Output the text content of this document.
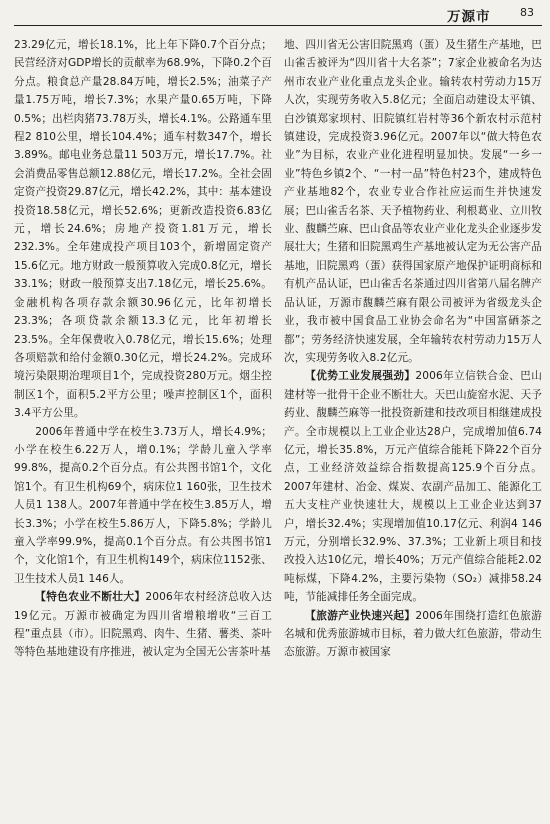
万源市	83

23.29亿元，增长18.1%，比上年下降0.7个百分点；民营经济对GDP增长的贡献率为68.9%，下降0.2个百分点。粮食总产量28.84万吨，增长2.5%；油菜子产量1.75万吨，增长7.3%；水果产量0.65万吨，下降0.5%；出栏肉猪73.78万头，增长4.1%。公路通车里程2 810公里，增长104.4%；通车村数347个，增长3.89%。邮电业务总量11 503万元，增长17.7%。社会消费品零售总额12.88亿元，增长17.2%。全社会固定资产投资29.87亿元，增长42.2%，其中：基本建设投资18.58亿元，增长52.6%；更新改造投资6.83亿元，增长24.6%；房地产投资1.81万元，增长232.3%。全年建成投产项目103个，新增固定资产15.6亿元。地方财政一般预算收入完成0.8亿元，增长33.1%；财政一般预算支出7.18亿元，增长25.6%。金融机构各项存款余额30.96亿元，比年初增长23.3%；各项贷款余额13.3亿元，比年初增长23.5%。全年保费收入0.78亿元，增长15.6%；处理各项赔款和给付金额0.30亿元，增长24.2%。完成环境污染限期治理项目1个，完成投资280万元。烟尘控制区1个，面积5.2平方公里；噪声控制区1个，面积3.4平方公里。

2006年普通中学在校生3.73万人，增长4.9%；小学在校生6.22万人，增0.1%；学龄儿童入学率99.8%，提高0.2个百分点。有公共图书馆1个，文化馆1个。有卫生机构69个，病床位1 160张，卫生技术人员1 138人。2007年普通中学在校生3.85万人，增长3.3%；小学在校生5.86万人，下降5.8%；学龄儿童入学率99.9%，提高0.1个百分点。有公共图书馆1个，文化馆1个，有卫生机构149个，病床位1152张、卫生技术人员1 146人。

【特色农业不断壮大】2006年农村经济总收入达19亿元。万源市被确定为四川省增粮增收“三百工程”重点县（市）。旧院黑鸡、肉牛、生猪、薯类、茶叶等特色基地建设有序推进，被认定为全国无公害茶叶基

地、四川省无公害旧院黑鸡（蛋）及生猪生产基地，巴山雀舌被评为“四川省十大名茶”；7家企业被命名为达州市农业产业化重点龙头企业。输转农村劳动力15万人次，实现劳务收入5.8亿元；全面启动建设太平镇、白沙镇郑家坝村、旧院镇红岩村等36个新农村示范村镇建设，完成投资3.96亿元。2007年以“做大特色农业”为目标，农业产业化进程明显加快。发展“一乡一业”特色乡镇2个、“一村一品”特色村23个，建成特色产业基地82个，农业专业合作社应运而生并快速发展；巴山雀舌名茶、天予植物药业、利根葛业、立川牧业、馥麟苎麻、巴山食品等农业产业化龙头企业逐步发展壮大；生猪和旧院黑鸡生产基地被认定为无公害产品基地，旧院黑鸡（蛋）获得国家原产地保护证明商标和有机产品认证，巴山雀舌名茶通过四川省第八届名牌产品认证，万源市馥麟苎麻有限公司被评为省级龙头企业，我市被中国食品工业协会命名为“中国富硒茶之都”；劳务经济快速发展，全年输转农村劳动力15万人次，实现劳务收入8.2亿元。

【优势工业发展强劲】2006年立信铁合金、巴山建材等一批骨干企业不断壮大。天巴山旋窑水泥、天予药业、馥麟苎麻等一批投资新建和技改项目相继建成投产。全市规模以上工业企业达28户，完成增加值6.74亿元，增长35.8%，万元产值综合能耗下降22个百分点，工业经济效益综合指数提高125.9个百分点。2007年建材、冶金、煤炭、农副产品加工、能源化工五大支柱产业快速壮大，规模以上工业企业达到37户，增长32.4%；实现增加值10.17亿元、利润4 146万元，分别增长32.9%、37.3%；工业新上项目和技改投入达10亿元，增长40%；万元产值综合能耗2.02吨标煤，下降4.2%，主要污染物（SO₂）减排58.24吨，节能减排任务全面完成。

【旅游产业快速兴起】2006年围绕打造红色旅游名城和优秀旅游城市目标，着力做大红色旅游，带动生态旅游。万源市被国家
